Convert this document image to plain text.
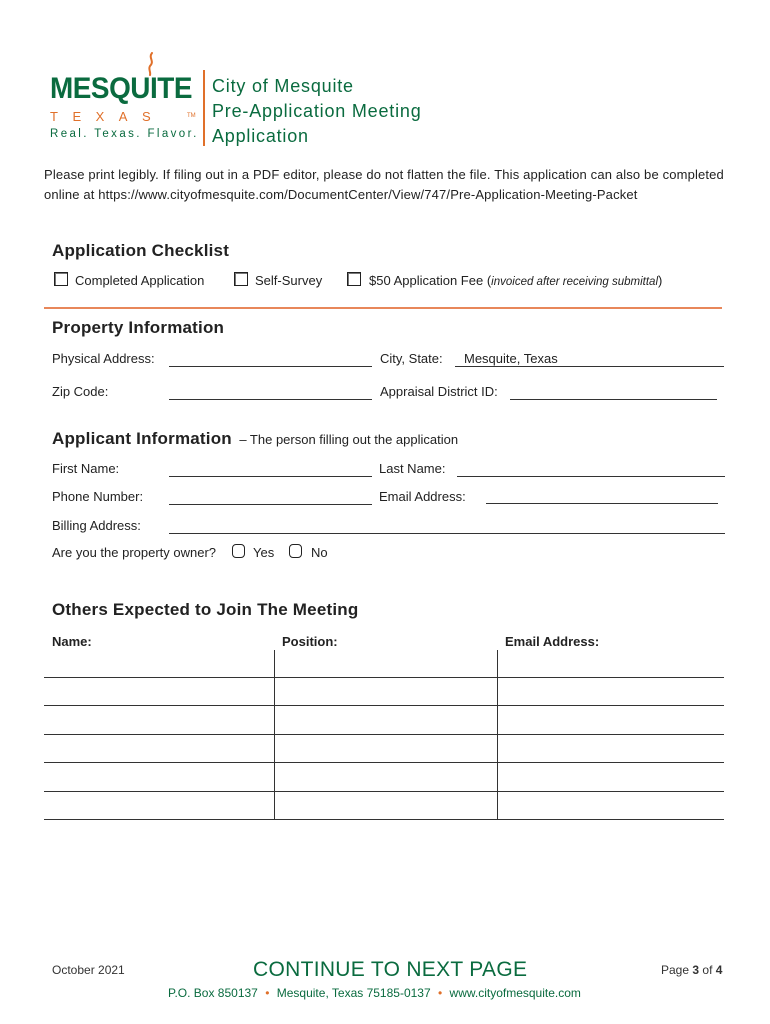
MESQUITE
TEXAS	TM
Real. Texas. Flavor.
City of Mesquite
Pre-Application Meeting
Application
Please print legibly. If filing out in a PDF editor, please do not flatten the file. This application can also be completed online at https://www.cityofmesquite.com/DocumentCenter/View/747/Pre-Application-Meeting-Packet
Application Checklist
Completed Application	Self-Survey	$50 Application Fee (invoiced after receiving submittal)
Property Information
Physical Address:	City, State: Mesquite, Texas
Zip Code:	Appraisal District ID:
Applicant Information – The person filling out the application
First Name:	Last Name:
Phone Number:	Email Address:
Billing Address:
Are you the property owner?	Yes	No
Others Expected to Join The Meeting
Name:	Position:	Email Address:
October 2021	CONTINUE TO NEXT PAGE	Page 3 of 4
P.O. Box 850137 • Mesquite, Texas 75185-0137 • www.cityofmesquite.com
